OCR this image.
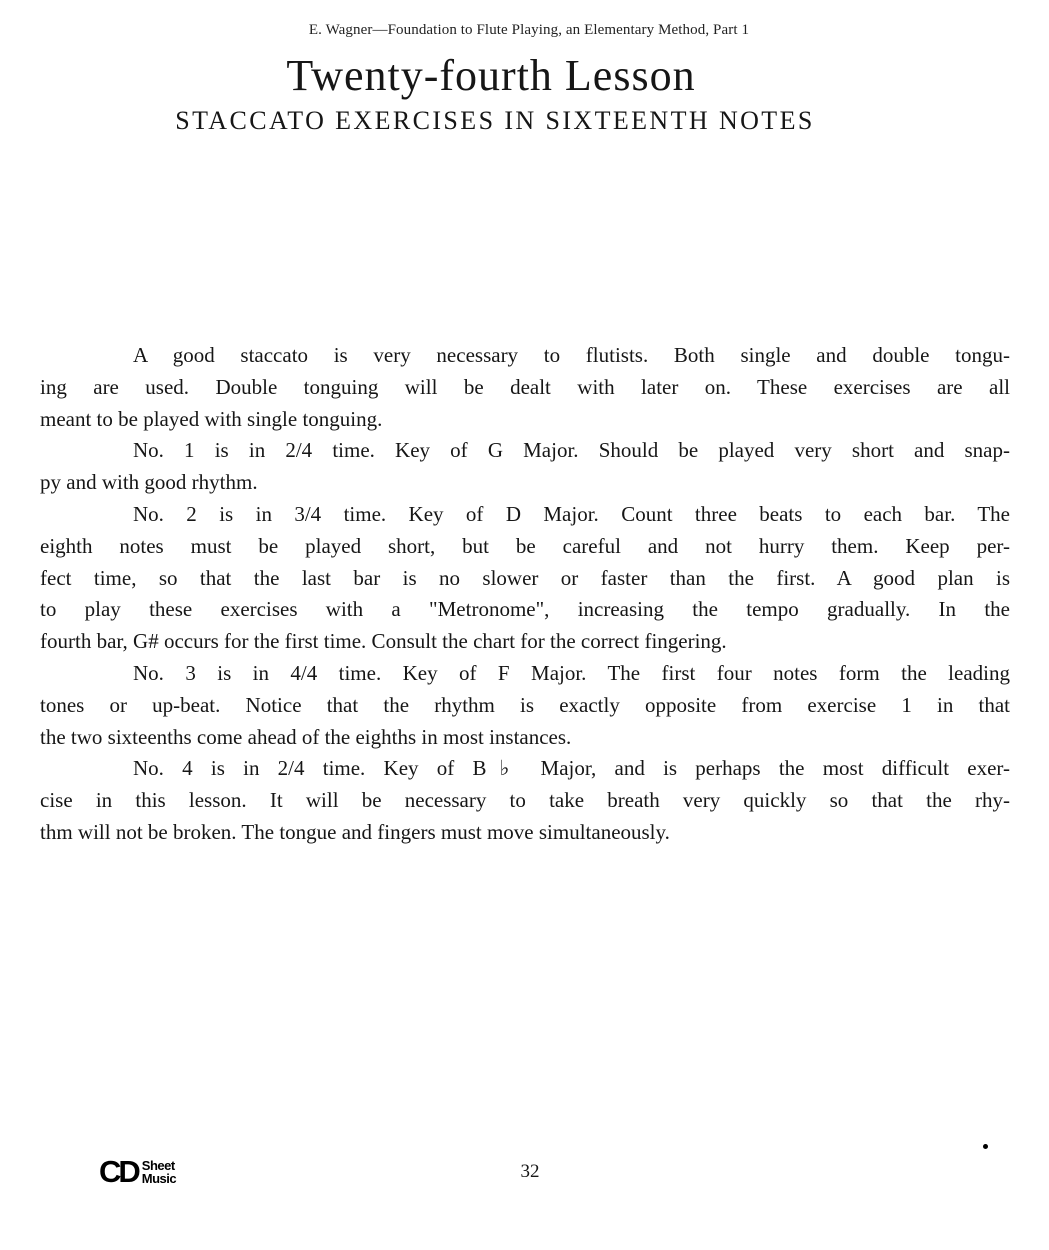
E. Wagner—Foundation to Flute Playing, an Elementary Method, Part 1
Twenty-fourth Lesson
STACCATO EXERCISES IN SIXTEENTH NOTES

A good staccato is very necessary to flutists. Both single and double tongu-
ing are used. Double tonguing will be dealt with later on. These exercises are all
meant to be played with single tonguing.

No. 1 is in 2/4 time. Key of G Major. Should be played very short and snap-
py and with good rhythm.

No. 2 is in 3/4 time. Key of D Major. Count three beats to each bar. The
eighth notes must be played short, but be careful and not hurry them. Keep per-
fect time, so that the last bar is no slower or faster than the first. A good plan is
to play these exercises with a "Metronome", increasing the tempo gradually. In the
fourth bar, G# occurs for the first time. Consult the chart for the correct fingering.

No. 3 is in 4/4 time. Key of F Major. The first four notes form the leading
tones or up-beat. Notice that the rhythm is exactly opposite from exercise 1 in that
the two sixteenths come ahead of the eighths in most instances.

No. 4 is in 2/4 time. Key of B♭ Major, and is perhaps the most difficult exer-
cise in this lesson. It will be necessary to take breath very quickly so that the rhy-
thm will not be broken. The tongue and fingers must move simultaneously.

CD Sheet
Music	32
